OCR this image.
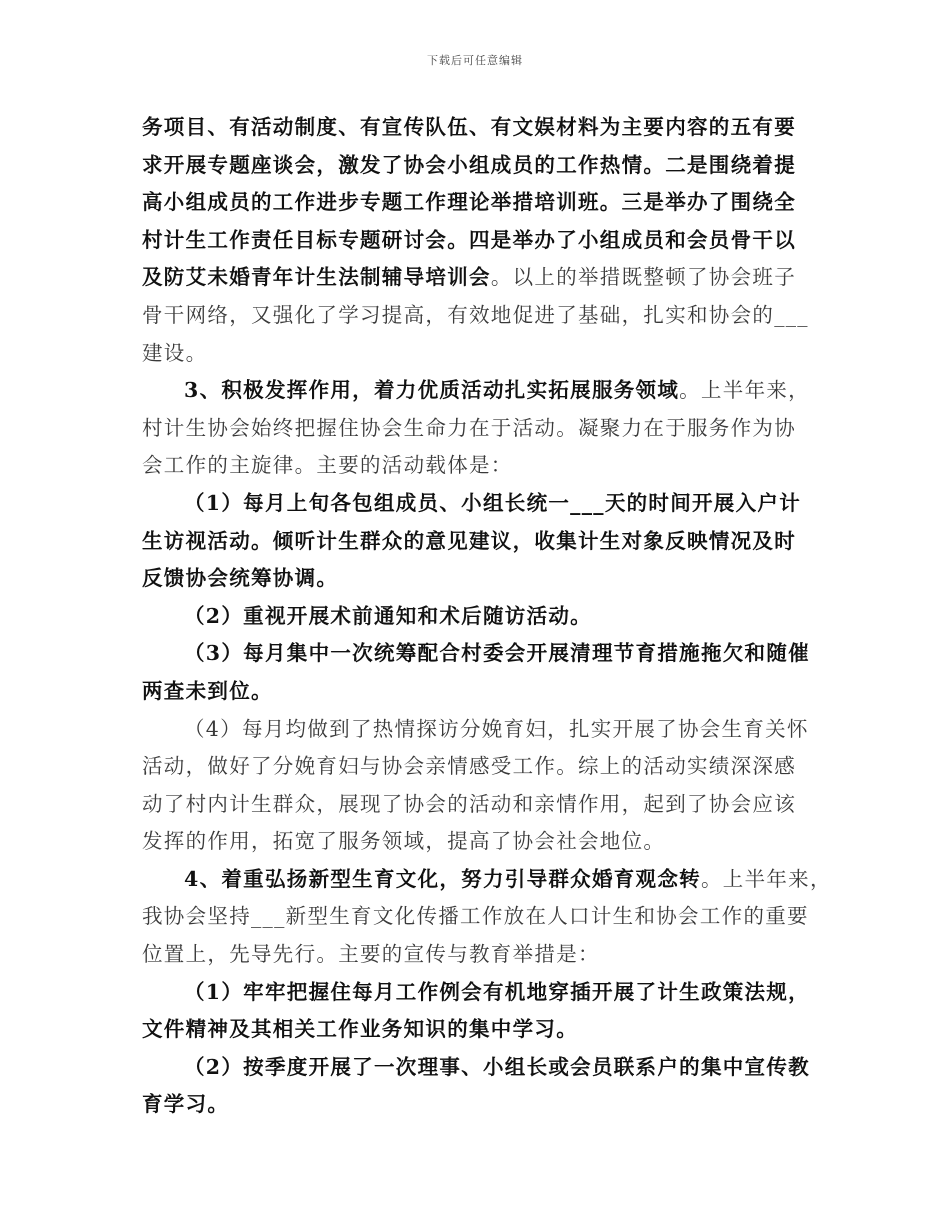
下载后可任意编辑

务项目、有活动制度、有宣传队伍、有文娱材料为主要内容的五有要
求开展专题座谈会，激发了协会小组成员的工作热情。二是围绕着提
高小组成员的工作进步专题工作理论举措培训班。三是举办了围绕全
村计生工作责任目标专题研讨会。四是举办了小组成员和会员骨干以
及防艾未婚青年计生法制辅导培训会。以上的举措既整顿了协会班子
骨干网络，又强化了学习提高，有效地促进了基础，扎实和协会的___
建设。

3、积极发挥作用，着力优质活动扎实拓展服务领域。上半年来，
村计生协会始终把握住协会生命力在于活动。凝聚力在于服务作为协
会工作的主旋律。主要的活动载体是：

（1）每月上旬各包组成员、小组长统一___天的时间开展入户计
生访视活动。倾听计生群众的意见建议，收集计生对象反映情况及时
反馈协会统筹协调。

（2）重视开展术前通知和术后随访活动。

（3）每月集中一次统筹配合村委会开展清理节育措施拖欠和随催
两查未到位。

（4）每月均做到了热情探访分娩育妇，扎实开展了协会生育关怀
活动，做好了分娩育妇与协会亲情感受工作。综上的活动实绩深深感
动了村内计生群众，展现了协会的活动和亲情作用，起到了协会应该
发挥的作用，拓宽了服务领域，提高了协会社会地位。

4、着重弘扬新型生育文化，努力引导群众婚育观念转。上半年来，
我协会坚持___新型生育文化传播工作放在人口计生和协会工作的重要
位置上，先导先行。主要的宣传与教育举措是：

（1）牢牢把握住每月工作例会有机地穿插开展了计生政策法规，
文件精神及其相关工作业务知识的集中学习。

（2）按季度开展了一次理事、小组长或会员联系户的集中宣传教
育学习。
